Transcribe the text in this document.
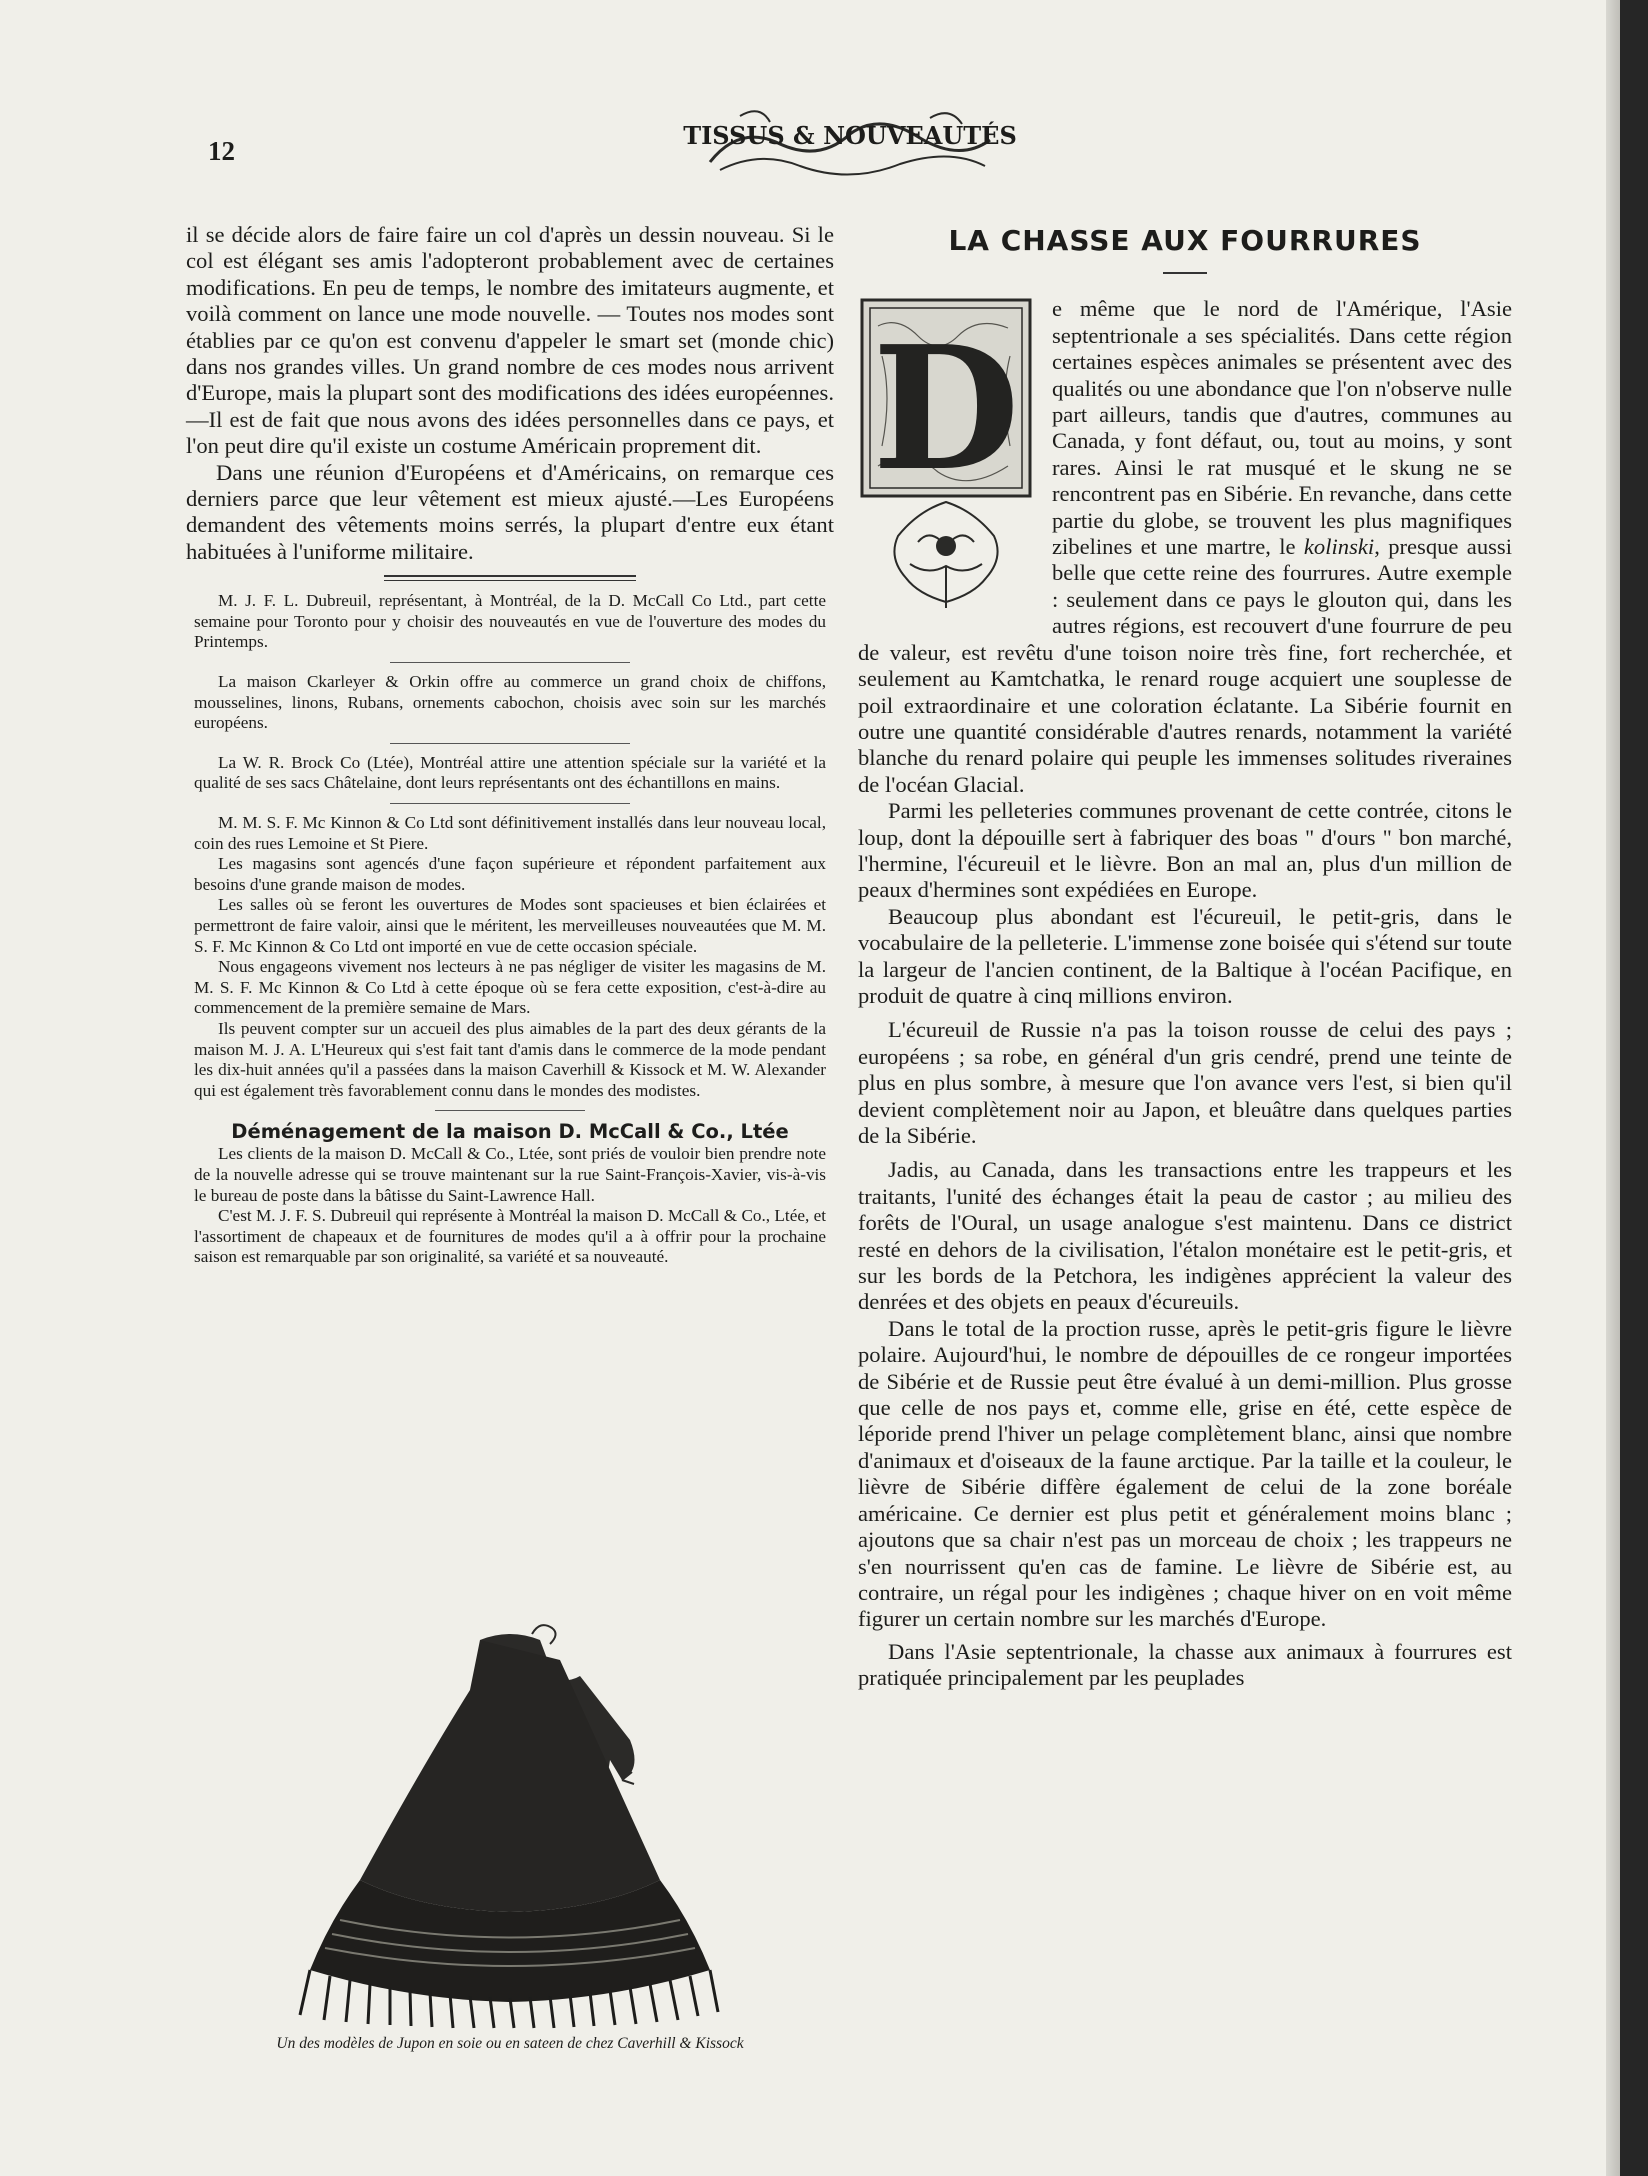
12
TISSUS & NOUVEAUTÉS

il se décide alors de faire faire un col d'après un dessin nouveau. Si le col est élégant ses amis l'adopteront probablement avec de certaines modifications. En peu de temps, le nombre des imitateurs augmente, et voilà comment on lance une mode nouvelle. — Toutes nos modes sont établies par ce qu'on est convenu d'appeler le smart set (monde chic) dans nos grandes villes. Un grand nombre de ces modes nous arrivent d'Europe, mais la plupart sont des modifications des idées européennes.—Il est de fait que nous avons des idées personnelles dans ce pays, et l'on peut dire qu'il existe un costume Américain proprement dit.

Dans une réunion d'Européens et d'Américains, on remarque ces derniers parce que leur vêtement est mieux ajusté.—Les Européens demandent des vêtements moins serrés, la plupart d'entre eux étant habituées à l'uniforme militaire.

M. J. F. L. Dubreuil, représentant, à Montréal, de la D. McCall Co Ltd., part cette semaine pour Toronto pour y choisir des nouveautés en vue de l'ouverture des modes du Printemps.

La maison Ckarleyer & Orkin offre au commerce un grand choix de chiffons, mousselines, linons, Rubans, ornements cabochon, choisis avec soin sur les marchés européens.

La W. R. Brock Co (Ltée), Montréal attire une attention spéciale sur la variété et la qualité de ses sacs Châtelaine, dont leurs représentants ont des échantillons en mains.

M. M. S. F. Mc Kinnon & Co Ltd sont définitivement installés dans leur nouveau local, coin des rues Lemoine et St Piere.

Les magasins sont agencés d'une façon supérieure et répondent parfaitement aux besoins d'une grande maison de modes.

Les salles où se feront les ouvertures de Modes sont spacieuses et bien éclairées et permettront de faire valoir, ainsi que le méritent, les merveilleuses nouveautées que M. M. S. F. Mc Kinnon & Co Ltd ont importé en vue de cette occasion spéciale.

Nous engageons vivement nos lecteurs à ne pas négliger de visiter les magasins de M. M. S. F. Mc Kinnon & Co Ltd à cette époque où se fera cette exposition, c'est-à-dire au commencement de la première semaine de Mars.

Ils peuvent compter sur un accueil des plus aimables de la part des deux gérants de la maison M. J. A. L'Heureux qui s'est fait tant d'amis dans le commerce de la mode pendant les dix-huit années qu'il a passées dans la maison Caverhill & Kissock et M. W. Alexander qui est également très favorablement connu dans le mondes des modistes.

Déménagement de la maison D. McCall & Co., Ltée

Les clients de la maison D. McCall & Co., Ltée, sont priés de vouloir bien prendre note de la nouvelle adresse qui se trouve maintenant sur la rue Saint-François-Xavier, vis-à-vis le bureau de poste dans la bâtisse du Saint-Lawrence Hall.

C'est M. J. F. S. Dubreuil qui représente à Montréal la maison D. McCall & Co., Ltée, et l'assortiment de chapeaux et de fournitures de modes qu'il a à offrir pour la prochaine saison est remarquable par son originalité, sa variété et sa nouveauté.

Un des modèles de Jupon en soie ou en sateen de chez Caverhill & Kissock
LA CHASSE AUX FOURRURES

D
e même que le nord de l'Amérique, l'Asie septentrionale a ses spécialités. Dans cette région certaines espèces animales se présentent avec des qualités ou une abondance que l'on n'observe nulle part ailleurs, tandis que d'autres, communes au Canada, y font défaut, ou, tout au moins, y sont rares. Ainsi le rat musqué et le skung ne se rencontrent pas en Sibérie. En revanche, dans cette partie du globe, se trouvent les plus magnifiques zibelines et une martre, le kolinski, presque aussi belle que cette reine des fourrures. Autre exemple : seulement dans ce pays le glouton qui, dans les autres régions, est recouvert d'une fourrure de peu de valeur, est revêtu d'une toison noire très fine, fort recherchée, et seulement au Kamtchatka, le renard rouge acquiert une souplesse de poil extraordinaire et une coloration éclatante. La Sibérie fournit en outre une quantité considérable d'autres renards, notamment la variété blanche du renard polaire qui peuple les immenses solitudes riveraines de l'océan Glacial.

Parmi les pelleteries communes provenant de cette contrée, citons le loup, dont la dépouille sert à fabriquer des boas " d'ours " bon marché, l'hermine, l'écureuil et le lièvre. Bon an mal an, plus d'un million de peaux d'hermines sont expédiées en Europe.

Beaucoup plus abondant est l'écureuil, le petit-gris, dans le vocabulaire de la pelleterie. L'immense zone boisée qui s'étend sur toute la largeur de l'ancien continent, de la Baltique à l'océan Pacifique, en produit de quatre à cinq millions environ.

L'écureuil de Russie n'a pas la toison rousse de celui des pays ; européens ; sa robe, en général d'un gris cendré, prend une teinte de plus en plus sombre, à mesure que l'on avance vers l'est, si bien qu'il devient complètement noir au Japon, et bleuâtre dans quelques parties de la Sibérie.

Jadis, au Canada, dans les transactions entre les trappeurs et les traitants, l'unité des échanges était la peau de castor ; au milieu des forêts de l'Oural, un usage analogue s'est maintenu. Dans ce district resté en dehors de la civilisation, l'étalon monétaire est le petit-gris, et sur les bords de la Petchora, les indigènes apprécient la valeur des denrées et des objets en peaux d'écureuils.

Dans le total de la proction russe, après le petit-gris figure le lièvre polaire. Aujourd'hui, le nombre de dépouilles de ce rongeur importées de Sibérie et de Russie peut être évalué à un demi-million. Plus grosse que celle de nos pays et, comme elle, grise en été, cette espèce de léporide prend l'hiver un pelage complètement blanc, ainsi que nombre d'animaux et d'oiseaux de la faune arctique. Par la taille et la couleur, le lièvre de Sibérie diffère également de celui de la zone boréale américaine. Ce dernier est plus petit et généralement moins blanc ; ajoutons que sa chair n'est pas un morceau de choix ; les trappeurs ne s'en nourrissent qu'en cas de famine. Le lièvre de Sibérie est, au contraire, un régal pour les indigènes ; chaque hiver on en voit même figurer un certain nombre sur les marchés d'Europe.

Dans l'Asie septentrionale, la chasse aux animaux à fourrures est pratiquée principalement par les peuplades
